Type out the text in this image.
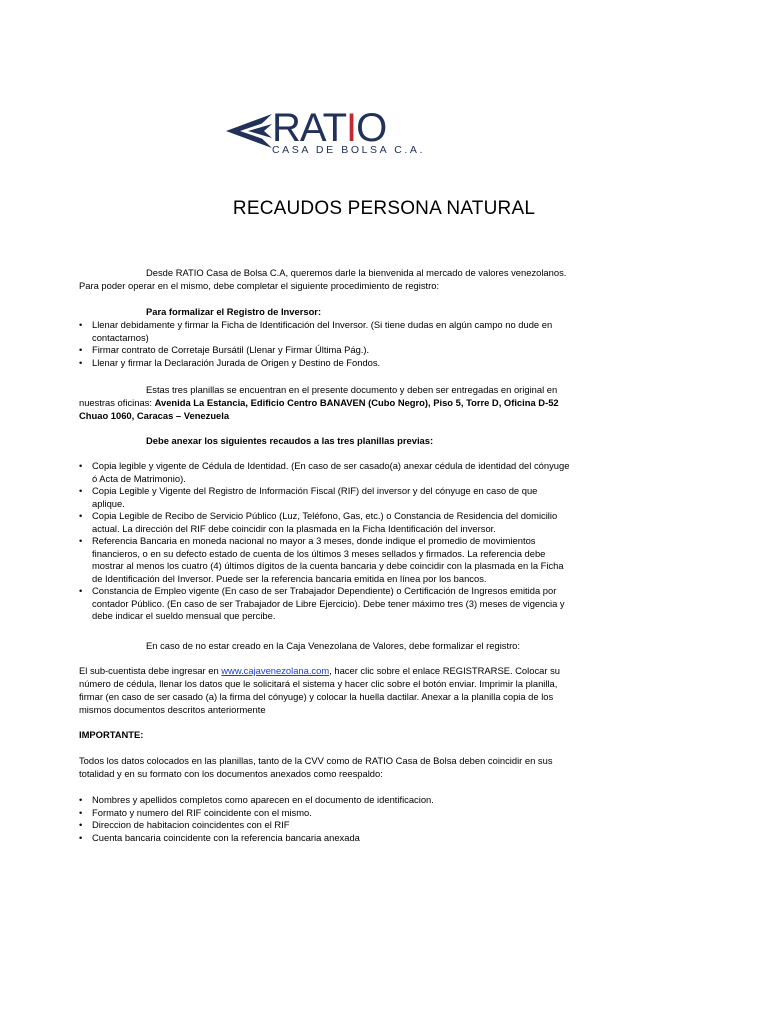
RATIO
CASA DE BOLSA C.A.
RECAUDOS PERSONA NATURAL
Desde RATIO Casa de Bolsa C.A, queremos darle la bienvenida al mercado de valores venezolanos.
Para poder operar en el mismo, debe completar el siguiente procedimiento de registro:
Para formalizar el Registro de Inversor:
• Llenar debidamente y firmar la Ficha de Identificación del Inversor. (Si tiene dudas en algún campo no dude en
contactarnos)
• Firmar contrato de Corretaje Bursátil (Llenar y Firmar Última Pág.).
• Llenar y firmar la Declaración Jurada de Origen y Destino de Fondos.
Estas tres planillas se encuentran en el presente documento y deben ser entregadas en original en
nuestras oficinas: Avenida La Estancia, Edificio Centro BANAVEN (Cubo Negro), Piso 5, Torre D, Oficina D-52
Chuao 1060, Caracas – Venezuela
Debe anexar los siguientes recaudos a las tres planillas previas:
• Copia legible y vigente de Cédula de Identidad. (En caso de ser casado(a) anexar cédula de identidad del cónyuge
ó Acta de Matrimonio).
• Copia Legible y Vigente del Registro de Información Fiscal (RIF) del inversor y del cónyuge en caso de que
aplique.
• Copia Legible de Recibo de Servicio Público (Luz, Teléfono, Gas, etc.) o Constancia de Residencia del domicilio
actual. La dirección del RIF debe coincidir con la plasmada en la Ficha Identificación del inversor.
• Referencia Bancaria en moneda nacional no mayor a 3 meses, donde indique el promedio de movimientos
financieros, o en su defecto estado de cuenta de los últimos 3 meses sellados y firmados. La referencia debe
mostrar al menos los cuatro (4) últimos dígitos de la cuenta bancaria y debe coincidir con la plasmada en la Ficha
de Identificación del Inversor. Puede ser la referencia bancaria emitida en línea por los bancos.
• Constancia de Empleo vigente (En caso de ser Trabajador Dependiente) o Certificación de Ingresos emitida por
contador Público. (En caso de ser Trabajador de Libre Ejercicio). Debe tener máximo tres (3) meses de vigencia y
debe indicar el sueldo mensual que percibe.
En caso de no estar creado en la Caja Venezolana de Valores, debe formalizar el registro:
El sub-cuentista debe ingresar en www.cajavenezolana.com, hacer clic sobre el enlace REGISTRARSE. Colocar su
número de cédula, llenar los datos que le solicitará el sistema y hacer clic sobre el botón enviar. Imprimir la planilla,
firmar (en caso de ser casado (a) la firma del cónyuge) y colocar la huella dactilar. Anexar a la planilla copia de los
mismos documentos descritos anteriormente
IMPORTANTE:
Todos los datos colocados en las planillas, tanto de la CVV como de RATIO Casa de Bolsa deben coincidir en sus
totalidad y en su formato con los documentos anexados como reespaldo:
• Nombres y apellidos completos como aparecen en el documento de identificacion.
• Formato y numero del RIF coincidente con el mismo.
• Direccion de habitacion coincidentes con el RIF
• Cuenta bancaria coincidente con la referencia bancaria anexada
